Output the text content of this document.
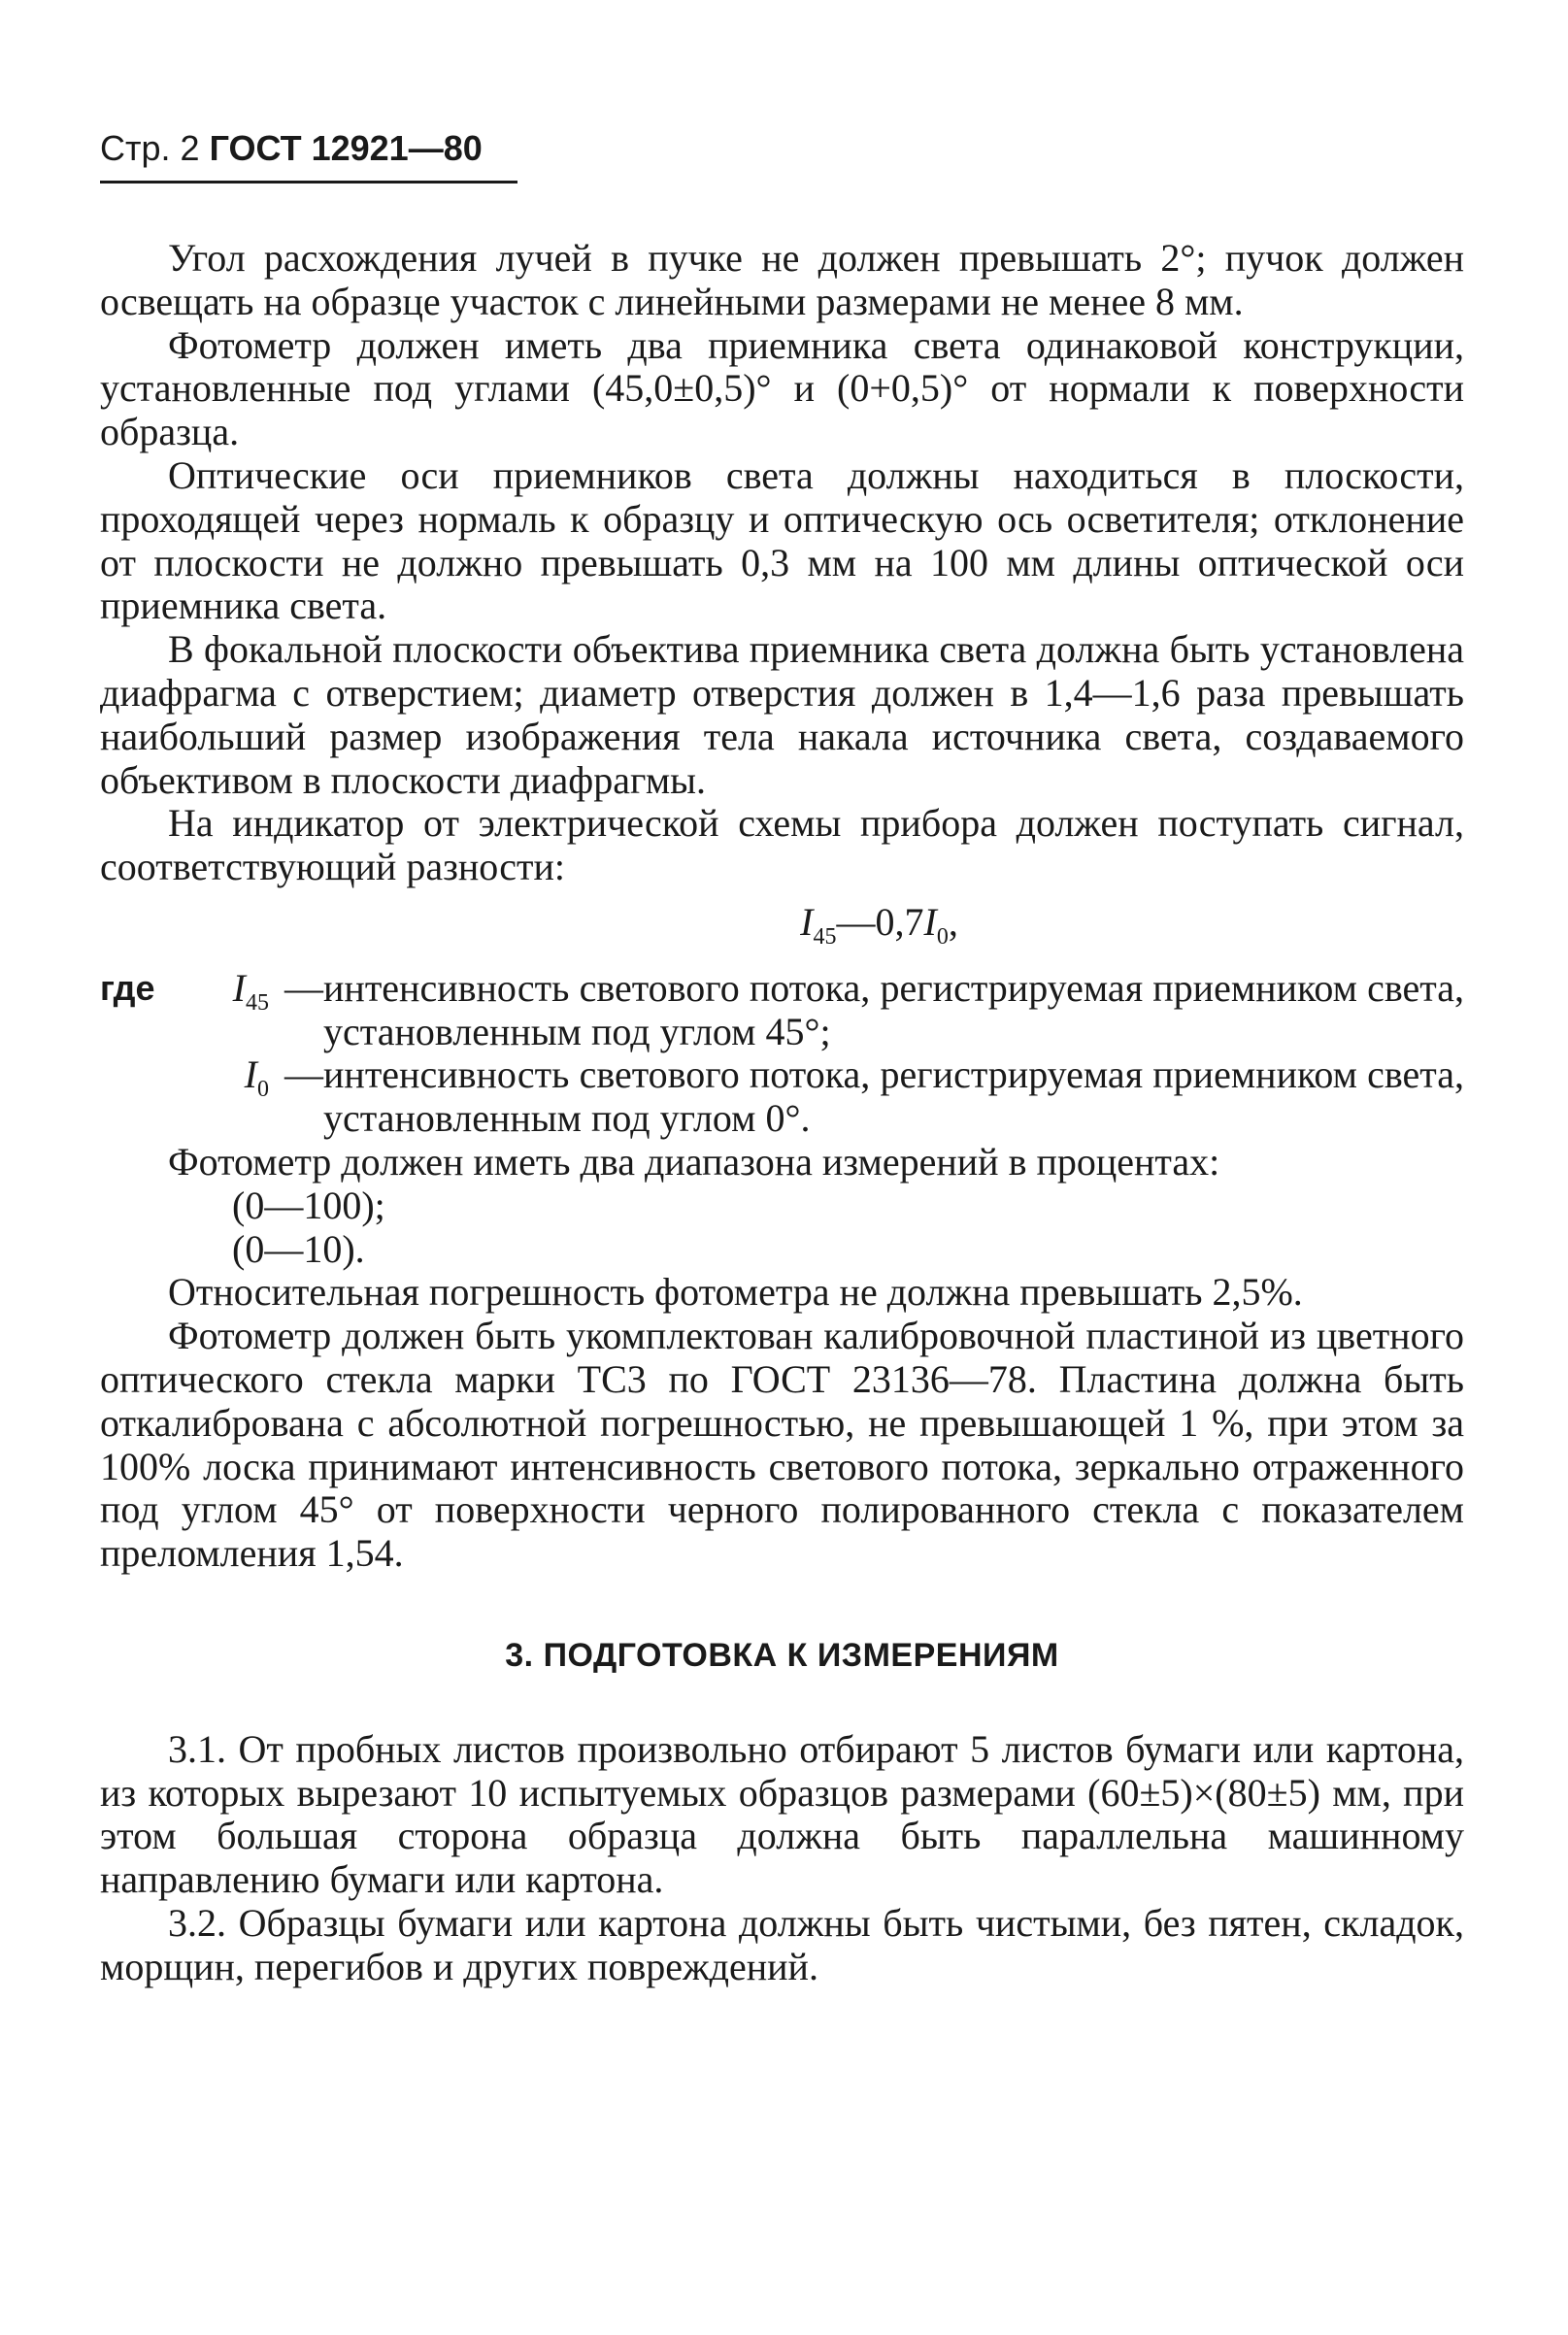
Стр. 2 ГОСТ 12921—80

Угол расхождения лучей в пучке не должен превышать 2°; пучок должен освещать на образце участок с линейными размерами не менее 8 мм.

Фотометр должен иметь два приемника света одинаковой конструкции, установленные под углами (45,0±0,5)° и (0+0,5)° от нормали к поверхности образца.

Оптические оси приемников света должны находиться в плоскости, проходящей через нормаль к образцу и оптическую ось осветителя; отклонение от плоскости не должно превышать 0,3 мм на 100 мм длины оптической оси приемника света.

В фокальной плоскости объектива приемника света должна быть установлена диафрагма с отверстием; диаметр отверстия должен в 1,4—1,6 раза превышать наибольший размер изображения тела накала источника света, создаваемого объективом в плоскости диафрагмы.

На индикатор от электрической схемы прибора должен поступать сигнал, соответствующий разности:

$I_{45}—0,7I_0$,
где $I_{45}$ — интенсивность светового потока, регистрируемая приемником света, установленным под углом 45°;
$I_0$ — интенсивность светового потока, регистрируемая приемником света, установленным под углом 0°.

Фотометр должен иметь два диапазона измерений в процентах:

(0—100);

(0—10).

Относительная погрешность фотометра не должна превышать 2,5%.

Фотометр должен быть укомплектован калибровочной пластиной из цветного оптического стекла марки ТС3 по ГОСТ 23136—78. Пластина должна быть откалибрована с абсолютной погрешностью, не превышающей 1 %, при этом за 100% лоска принимают интенсивность светового потока, зеркально отраженного под углом 45° от поверхности черного полированного стекла с показателем преломления 1,54.

3. ПОДГОТОВКА К ИЗМЕРЕНИЯМ

3.1. От пробных листов произвольно отбирают 5 листов бумаги или картона, из которых вырезают 10 испытуемых образцов размерами (60±5)×(80±5) мм, при этом большая сторона образца должна быть параллельна машинному направлению бумаги или картона.

3.2. Образцы бумаги или картона должны быть чистыми, без пятен, складок, морщин, перегибов и других повреждений.
